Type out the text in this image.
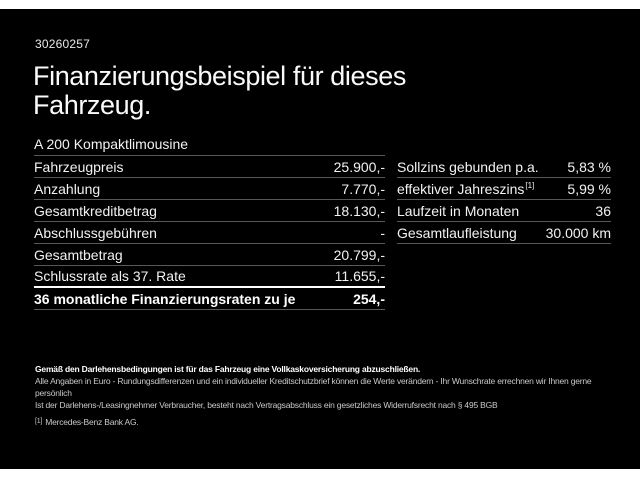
30260257
Finanzierungsbeispiel für dieses
Fahrzeug.
A 200 Kompaktlimousine
Fahrzeugpreis	25.900,-
Anzahlung	7.770,-
Gesamtkreditbetrag	18.130,-
Abschlussgebühren	-
Gesamtbetrag	20.799,-
Schlussrate als 37. Rate	11.655,-
36 monatliche Finanzierungsraten zu je	254,-
Sollzins gebunden p.a. 5,83 %
effektiver Jahreszins[1] 5,99 %
Laufzeit in Monaten	36
Gesamtlaufleistung 30.000 km

Gemäß den Darlehensbedingungen ist für das Fahrzeug eine Vollkaskoversicherung abzuschließen.

Alle Angaben in Euro - Rundungsdifferenzen und ein individueller Kreditschutzbrief können die Werte verändern - Ihr Wunschrate errechnen wir Ihnen gerne persönlich

Ist der Darlehens-/Leasingnehmer Verbraucher, besteht nach Vertragsabschluss ein gesetzliches Widerrufsrecht nach § 495 BGB

[1] Mercedes-Benz Bank AG.
